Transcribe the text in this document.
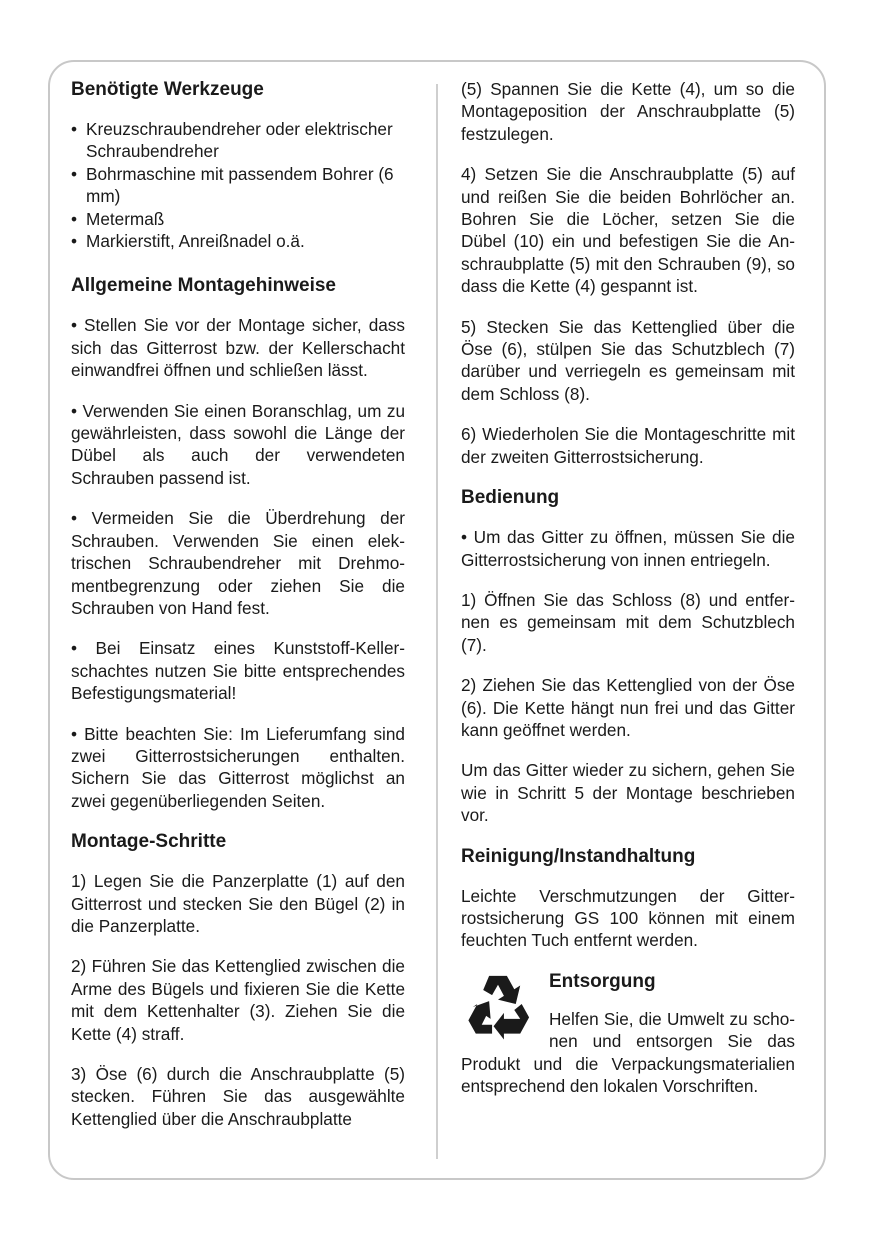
Benötigte Werkzeuge
• Kreuzschraubendreher oder elektrischer Schraubendreher
• Bohrmaschine mit passendem Bohrer (6 mm)
• Metermaß
• Markierstift, Anreißnadel o.ä.
Allgemeine Montagehinweise

• Stellen Sie vor der Montage sicher, dass sich das Gitterrost bzw. der Kellerschacht einwandfrei öffnen und schließen lässt.

• Verwenden Sie einen Boranschlag, um zu gewährleisten, dass sowohl die Länge der Dübel als auch der verwendeten Schrauben passend ist.

• Vermeiden Sie die Überdrehung der Schrauben. Verwenden Sie einen elektrischen Schraubendreher mit Drehmomentbegrenzung oder ziehen Sie die Schrauben von Hand fest.

• Bei Einsatz eines Kunststoff-Kellerschachtes nutzen Sie bitte entsprechendes Befestigungsmaterial!

• Bitte beachten Sie: Im Lieferumfang sind zwei Gitterrostsicherungen enthalten. Sichern Sie das Gitterrost möglichst an zwei gegenüberliegenden Seiten.

Montage-Schritte

1) Legen Sie die Panzerplatte (1) auf den Gitterrost und stecken Sie den Bügel (2) in die Panzerplatte.

2) Führen Sie das Kettenglied zwischen die Arme des Bügels und fixieren Sie die Kette mit dem Kettenhalter (3). Ziehen Sie die Kette (4) straff.

3) Öse (6) durch die Anschraubplatte (5) stecken. Führen Sie das ausgewählte Kettenglied über die Anschraubplatte

(5) Spannen Sie die Kette (4), um so die Montageposition der Anschraubplatte (5) festzulegen.

4) Setzen Sie die Anschraubplatte (5) auf und reißen Sie die beiden Bohrlöcher an. Bohren Sie die Löcher, setzen Sie die Dübel (10) ein und befestigen Sie die Anschraubplatte (5) mit den Schrauben (9), so dass die Kette (4) gespannt ist.

5) Stecken Sie das Kettenglied über die Öse (6), stülpen Sie das Schutzblech (7) darüber und verriegeln es gemeinsam mit dem Schloss (8).

6) Wiederholen Sie die Montageschritte mit der zweiten Gitterrostsicherung.

Bedienung

• Um das Gitter zu öffnen, müssen Sie die Gitterrostsicherung von innen entriegeln.

1) Öffnen Sie das Schloss (8) und entfernen es gemeinsam mit dem Schutzblech (7).

2) Ziehen Sie das Kettenglied von der Öse (6). Die Kette hängt nun frei und das Gitter kann geöffnet werden.

Um das Gitter wieder zu sichern, gehen Sie wie in Schritt 5 der Montage beschrieben vor.

Reinigung/Instandhaltung

Leichte Verschmutzungen der Gitterrostsicherung GS 100 können mit einem feuchten Tuch entfernt werden.

Entsorgung

Helfen Sie, die Umwelt zu schonen und entsorgen Sie das Produkt und die Verpackungsmaterialien entsprechend den lokalen Vorschriften.
